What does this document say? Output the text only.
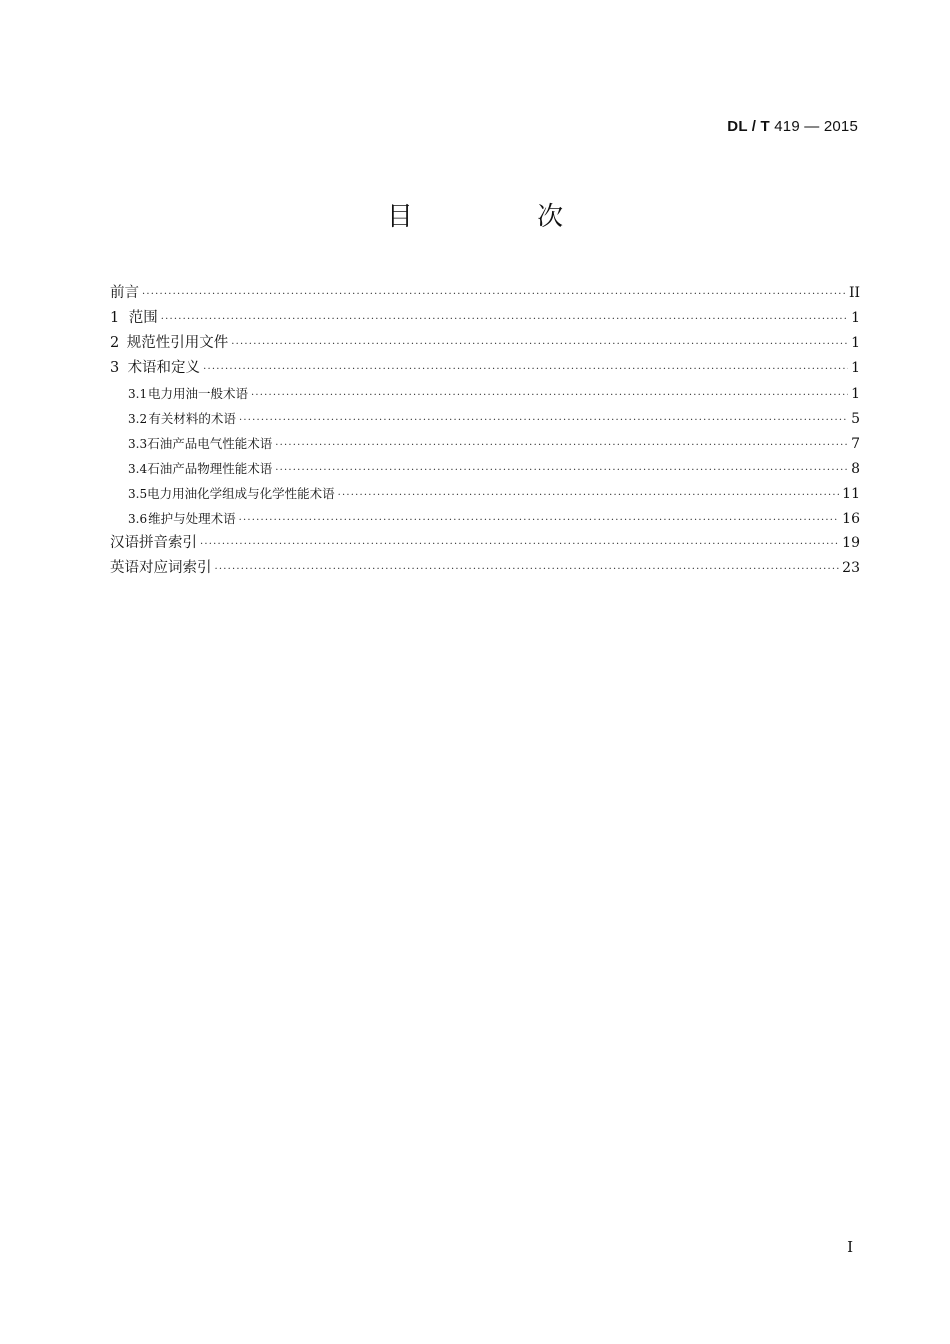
DL / T 419 — 2015
目 次
前言 ·····	II
1 范围 ·····	1
2 规范性引用文件 ·····	1
3 术语和定义 ·····	1
3.1 电力用油一般术语 ·····	1
3.2 有关材料的术语 ·····	5
3.3 石油产品电气性能术语 ·····	7
3.4 石油产品物理性能术语 ·····	8
3.5 电力用油化学组成与化学性能术语 ·····	11
3.6 维护与处理术语 ·····	16
汉语拼音索引 ·····	19
英语对应词索引 ·····	23
I
